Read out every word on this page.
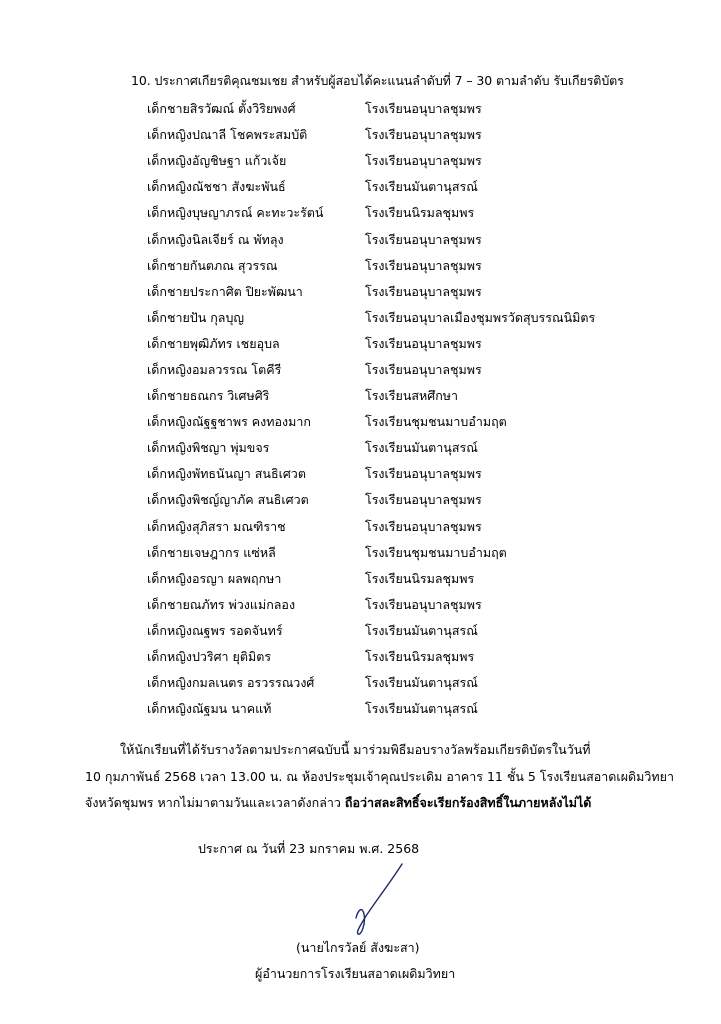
10. ประกาศเกียรติคุณชมเชย สำหรับผู้สอบได้คะแนนลำดับที่ 7 – 30 ตามลำดับ รับเกียรติบัตร
เด็กชายสิรวัฒณ์ ตั้งวิริยพงศ์	โรงเรียนอนุบาลชุมพร
เด็กหญิงปณาลี โชคพระสมบัติ	โรงเรียนอนุบาลชุมพร
เด็กหญิงอัญชิษฐา แก้วเจ้ย	โรงเรียนอนุบาลชุมพร
เด็กหญิงณัชชา สังฆะพันธ์	โรงเรียนมันตานุสรณ์
เด็กหญิงบุษญาภรณ์ คะทะวะรัตน์	โรงเรียนนิรมลชุมพร
เด็กหญิงนิลเจียร์ ณ พัทลุง	โรงเรียนอนุบาลชุมพร
เด็กชายกันตภณ สุวรรณ	โรงเรียนอนุบาลชุมพร
เด็กชายประกาศิต ปิยะพัฒนา	โรงเรียนอนุบาลชุมพร
เด็กชายปัน กุลบุญ	โรงเรียนอนุบาลเมืองชุมพรวัดสุบรรณนิมิตร
เด็กชายพุฒิภัทร เชยอุบล	โรงเรียนอนุบาลชุมพร
เด็กหญิงอมลวรรณ โตคีรี	โรงเรียนอนุบาลชุมพร
เด็กชายธณกร วิเศษศิริ	โรงเรียนสหศึกษา
เด็กหญิงณัฐฐชาพร คงทองมาก	โรงเรียนชุมชนมาบอำมฤต
เด็กหญิงพิชญา พุ่มขจร	โรงเรียนมันตานุสรณ์
เด็กหญิงพัทธนันญา สนธิเศวต	โรงเรียนอนุบาลชุมพร
เด็กหญิงพิชญ์ญาภัค สนธิเศวต	โรงเรียนอนุบาลชุมพร
เด็กหญิงสุภิสรา มณฑิราช	โรงเรียนอนุบาลชุมพร
เด็กชายเจษฎากร แซ่หลี	โรงเรียนชุมชนมาบอำมฤต
เด็กหญิงอรญา ผลพฤกษา	โรงเรียนนิรมลชุมพร
เด็กชายณภัทร พ่วงแม่กลอง	โรงเรียนอนุบาลชุมพร
เด็กหญิงณฐพร รอดจันทร์	โรงเรียนมันตานุสรณ์
เด็กหญิงปวริศา ยุติมิตร	โรงเรียนนิรมลชุมพร
เด็กหญิงกมลเนตร อรวรรณวงศ์	โรงเรียนมันตานุสรณ์
เด็กหญิงณัฐมน นาคแท้	โรงเรียนมันตานุสรณ์
ให้นักเรียนที่ได้รับรางวัลตามประกาศฉบับนี้ มาร่วมพิธีมอบรางวัลพร้อมเกียรติบัตรในวันที่
10 กุมภาพันธ์ 2568 เวลา 13.00 น. ณ ห้องประชุมเจ้าคุณประเดิม อาคาร 11 ชั้น 5 โรงเรียนสอาดเผดิมวิทยา
จังหวัดชุมพร หากไม่มาตามวันและเวลาดังกล่าว ถือว่าสละสิทธิ์จะเรียกร้องสิทธิ์ในภายหลังไม่ได้
ประกาศ ณ วันที่ 23 มกราคม พ.ศ. 2568
(นายไกรวัลย์ สังฆะสา)
ผู้อำนวยการโรงเรียนสอาดเผดิมวิทยา
